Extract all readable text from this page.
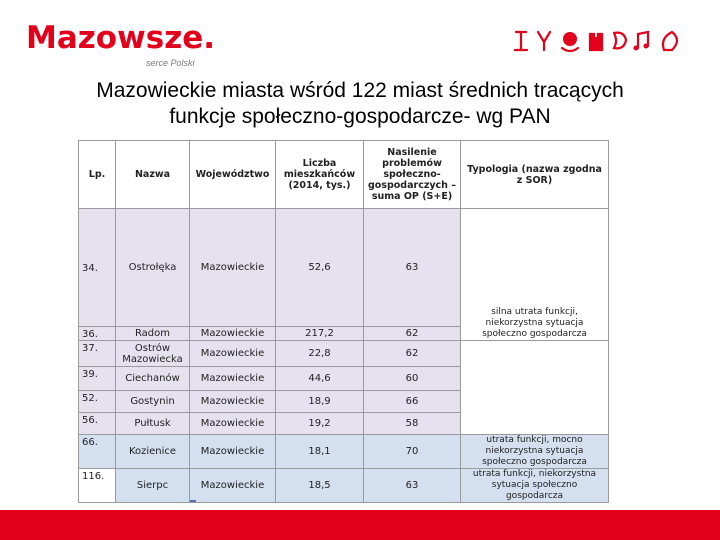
Mazowsze.
serce Polski
Mazowieckie miasta wśród 122 miast średnich tracących
funkcje społeczno-gospodarcze- wg PAN
Lp.	Nazwa	Województwo	Liczba mieszkańców (2014, tys.)	Nasilenie problemów społeczno-gospodarczych – suma OP (S+E)	Typologia (nazwa zgodna z SOR)
34.	Ostrołęka	Mazowieckie	52,6	63	silna utrata funkcji, niekorzystna sytuacja społeczno gospodarcza
36.	Radom	Mazowieckie	217,2	62	
37.	Ostrów Mazowiecka	Mazowieckie	22,8	62	
39.	Ciechanów	Mazowieckie	44,6	60	
52.	Gostynin	Mazowieckie	18,9	66	
56.	Pułtusk	Mazowieckie	19,2	58	
66.	Kozienice	Mazowieckie	18,1	70	utrata funkcji, mocno niekorzystna sytuacja społeczno gospodarcza
116.	Sierpc	Mazowieckie	18,5	63	utrata funkcji, niekorzystna sytuacja społeczno gospodarcza
